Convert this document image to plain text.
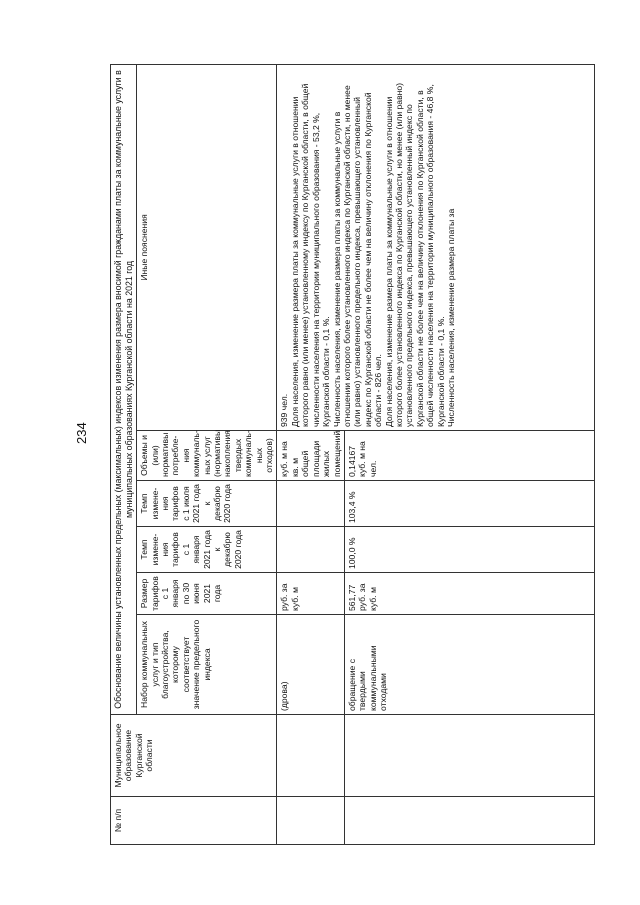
234
№ п/п	Муниципальное образование Курганской области	Обоснование величины установленных предельных (максимальных) индексов изменения размера вносимой гражданами платы за коммунальные услуги в муниципальных образованиях Курганской области на 2021 год					
		Набор коммунальных услуг и тип благоустройства, которому соответствует значение предельного индекса	Размер тарифов с 1 января по 30 июня 2021 года	Темп измене-ния тарифов с 1 января 2021 года к декабрю 2020 года	Темп измене-ния тарифов с 1 июля 2021 года к декабрю 2020 года	Объемы и (или) нормативы потребле-ния коммуналь-ных услуг (нормативы накопления твердых коммуналь-ных отходов)	Иные пояснения
		(дрова)	руб. за куб. м			куб. м на кв. м общей площади жилых помещений	939 чел. Доля населения, изменение размера платы за коммунальные услуги в отношении которого равно (или менее) установленному индексу по Курганской области, в общей численности населения на территории муниципального образования - 53,2 %, Курганской области - 0,1 %. Численность населения, изменение размера платы за коммунальные услуги в отношении которого более установленного индекса по Курганской области, но менее (или равно) установленного предельного индекса, превышающего установленный индекс по Курганской области не более чем на величину отклонения по Курганской области - 826 чел. Доля населения, изменение размера платы за коммунальные услуги в отношении которого более установленного индекса по Курганской области, но менее (или равно) установленного предельного индекса, превышающего установленный индекс по Курганской области не более чем на величину отклонения по Курганской области, в общей численности населения на территории муниципального образования - 46,8 %, Курганской области - 0,1 %. Численность населения, изменение размера платы за

		обращение с твердыми коммунальными отходами	561,77 руб. за куб. м	100,0 %	103,4 %	0,14167 куб. м на чел.	
